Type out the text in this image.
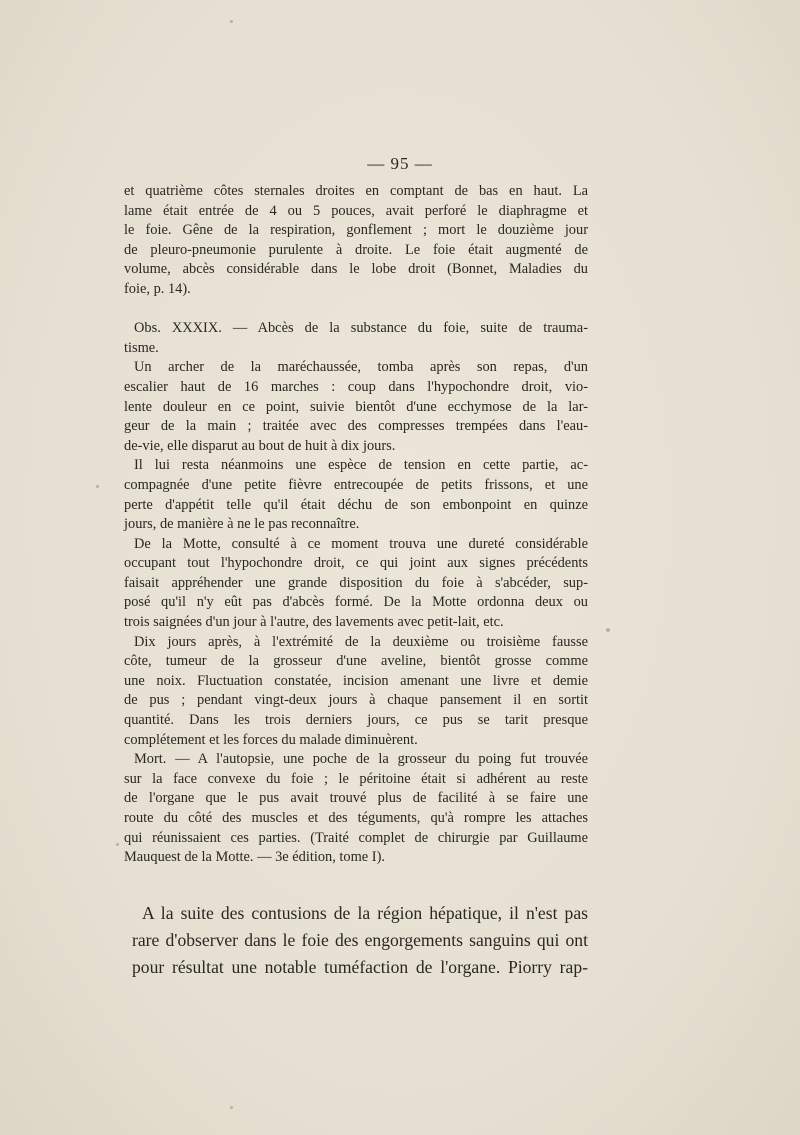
— 95 —
et quatrième côtes sternales droites en comptant de bas en haut. La
lame était entrée de 4 ou 5 pouces, avait perforé le diaphragme et
le foie. Gêne de la respiration, gonflement ; mort le douzième jour
de pleuro-pneumonie purulente à droite. Le foie était augmenté de
volume, abcès considérable dans le lobe droit (Bonnet, Maladies du
foie, p. 14).
Obs. XXXIX. — Abcès de la substance du foie, suite de trauma-
tisme.
Un archer de la maréchaussée, tomba après son repas, d'un
escalier haut de 16 marches : coup dans l'hypochondre droit, vio-
lente douleur en ce point, suivie bientôt d'une ecchymose de la lar-
geur de la main ; traitée avec des compresses trempées dans l'eau-
de-vie, elle disparut au bout de huit à dix jours.
Il lui resta néanmoins une espèce de tension en cette partie, ac-
compagnée d'une petite fièvre entrecoupée de petits frissons, et une
perte d'appétit telle qu'il était déchu de son embonpoint en quinze
jours, de manière à ne le pas reconnaître.
De la Motte, consulté à ce moment trouva une dureté considérable
occupant tout l'hypochondre droit, ce qui joint aux signes précédents
faisait appréhender une grande disposition du foie à s'abcéder, sup-
posé qu'il n'y eût pas d'abcès formé. De la Motte ordonna deux ou
trois saignées d'un jour à l'autre, des lavements avec petit-lait, etc.
Dix jours après, à l'extrémité de la deuxième ou troisième fausse
côte, tumeur de la grosseur d'une aveline, bientôt grosse comme
une noix. Fluctuation constatée, incision amenant une livre et demie
de pus ; pendant vingt-deux jours à chaque pansement il en sortit
quantité. Dans les trois derniers jours, ce pus se tarit presque
complétement et les forces du malade diminuèrent.
Mort. — A l'autopsie, une poche de la grosseur du poing fut trouvée
sur la face convexe du foie ; le péritoine était si adhérent au reste
de l'organe que le pus avait trouvé plus de facilité à se faire une
route du côté des muscles et des téguments, qu'à rompre les attaches
qui réunissaient ces parties. (Traité complet de chirurgie par Guillaume
Mauquest de la Motte. — 3e édition, tome I).
A la suite des contusions de la région hépatique, il n'est pas
rare d'observer dans le foie des engorgements sanguins qui ont
pour résultat une notable tuméfaction de l'organe. Piorry rap-
